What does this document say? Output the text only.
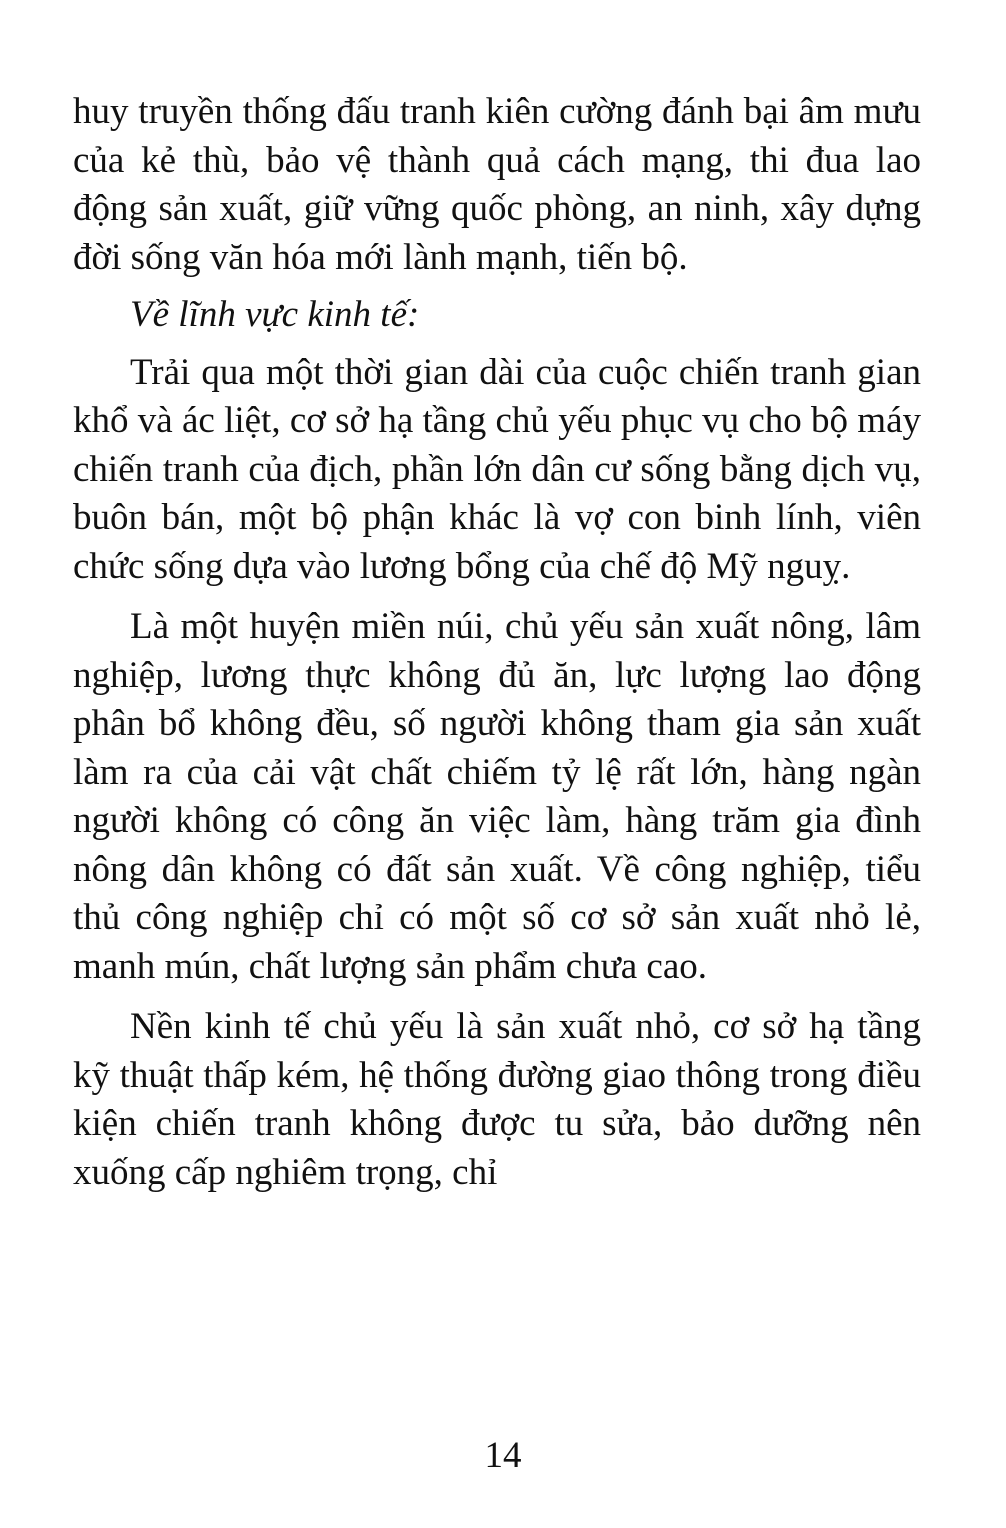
huy truyền thống đấu tranh kiên cường đánh bại âm mưu của kẻ thù, bảo vệ thành quả cách mạng, thi đua lao động sản xuất, giữ vững quốc phòng, an ninh, xây dựng đời sống văn hóa mới lành mạnh, tiến bộ.

Về lĩnh vực kinh tế:

Trải qua một thời gian dài của cuộc chiến tranh gian khổ và ác liệt, cơ sở hạ tầng chủ yếu phục vụ cho bộ máy chiến tranh của địch, phần lớn dân cư sống bằng dịch vụ, buôn bán, một bộ phận khác là vợ con binh lính, viên chức sống dựa vào lương bổng của chế độ Mỹ nguỵ.

Là một huyện miền núi, chủ yếu sản xuất nông, lâm nghiệp, lương thực không đủ ăn, lực lượng lao động phân bổ không đều, số người không tham gia sản xuất làm ra của cải vật chất chiếm tỷ lệ rất lớn, hàng ngàn người không có công ăn việc làm, hàng trăm gia đình nông dân không có đất sản xuất. Về công nghiệp, tiểu thủ công nghiệp chỉ có một số cơ sở sản xuất nhỏ lẻ, manh mún, chất lượng sản phẩm chưa cao.

Nền kinh tế chủ yếu là sản xuất nhỏ, cơ sở hạ tầng kỹ thuật thấp kém, hệ thống đường giao thông trong điều kiện chiến tranh không được tu sửa, bảo dưỡng nên xuống cấp nghiêm trọng, chỉ

14
